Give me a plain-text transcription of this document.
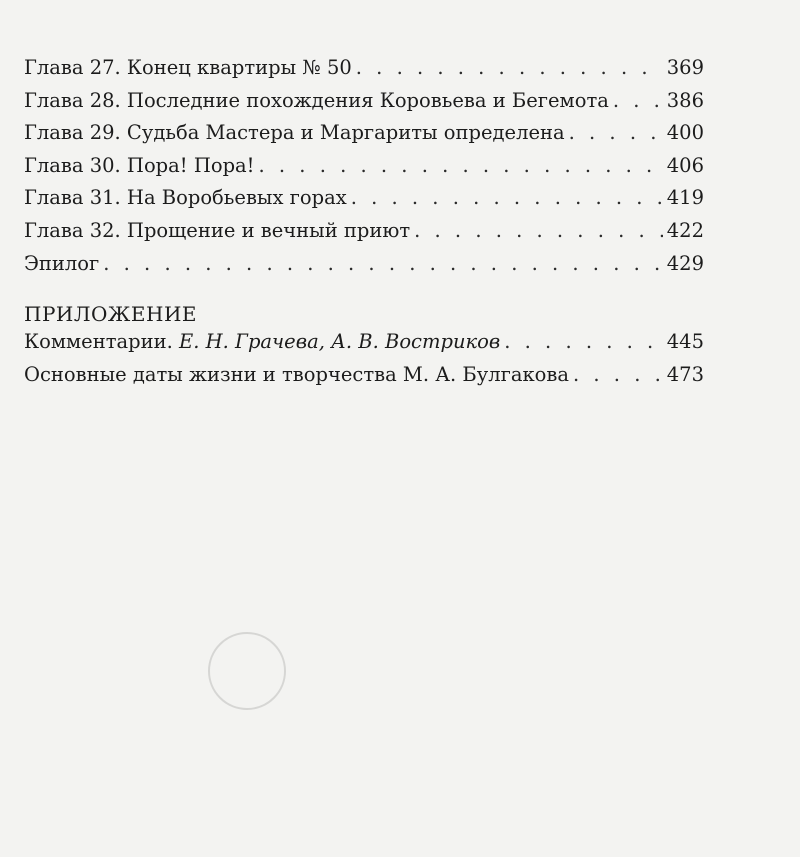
Глава 27. Конец квартиры № 50 . . .	369
Глава 28. Последние похождения Коровьева и Бегемота . . .	386
Глава 29. Судьба Мастера и Маргариты определена . . .	400
Глава 30. Пора! Пора! . . .	406
Глава 31. На Воробьевых горах . . .	419
Глава 32. Прощение и вечный приют . . .	422
Эпилог . . .	429
ПРИЛОЖЕНИЕ
Комментарии. Е. Н. Грачева, А. В. Востриков . . .	445
Основные даты жизни и творчества М. А. Булгакова . . .	473
